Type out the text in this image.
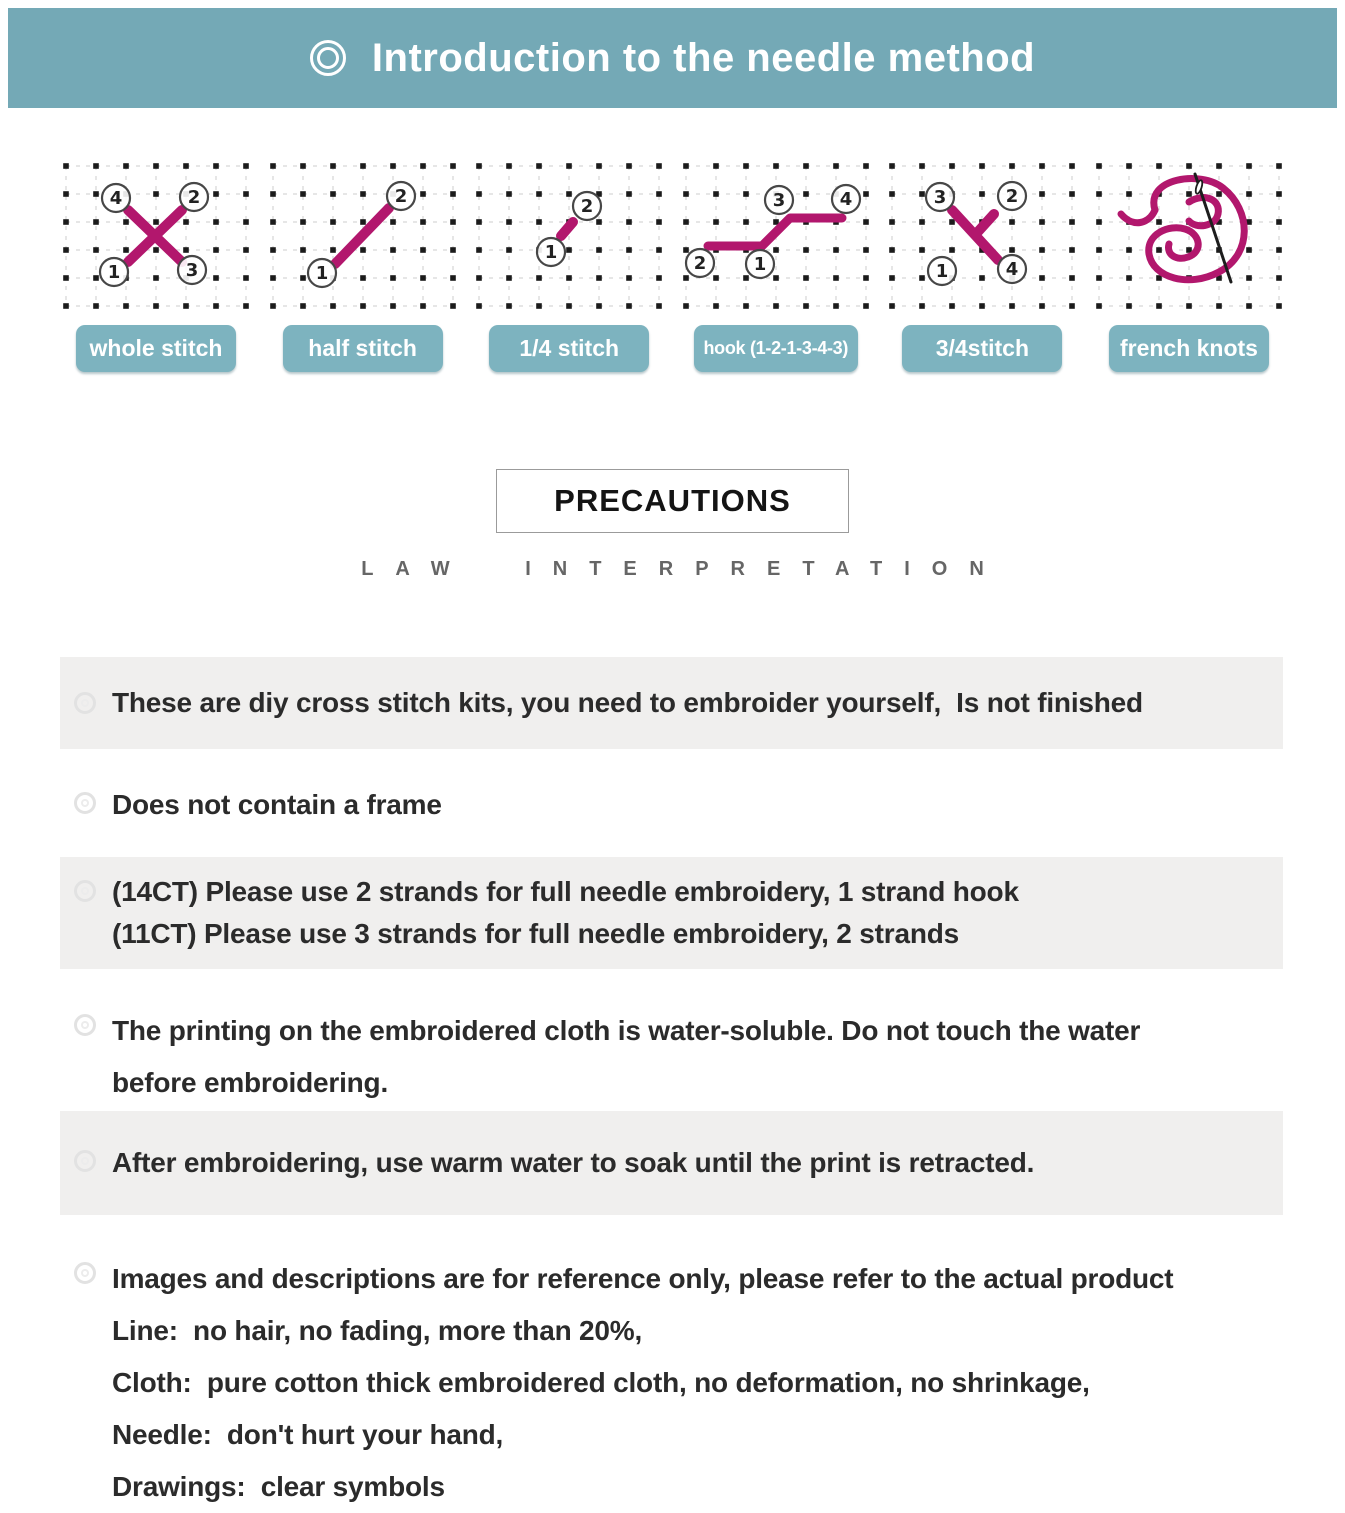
Introduction to the needle method
4	2
1	3
whole stitch
1
2
half stitch
1
2
1/4 stitch
2	1
3	4
hook (1-2-1-3-4-3)
3	2
1	4
3/4stitch	french knots
PRECAUTIONS
LAW INTERPRETATION

These are diy cross stitch kits, you need to embroider yourself,  Is not finished

Does not contain a frame

(14CT) Please use 2 strands for full needle embroidery, 1 strand hook

(11CT) Please use 3 strands for full needle embroidery, 2 strands

The printing on the embroidered cloth is water-soluble. Do not touch the water

before embroidering.

After embroidering, use warm water to soak until the print is retracted.

Images and descriptions are for reference only, please refer to the actual product

Line:  no hair, no fading, more than 20%,

Cloth:  pure cotton thick embroidered cloth, no deformation, no shrinkage,

Needle:  don't hurt your hand,

Drawings:  clear symbols
